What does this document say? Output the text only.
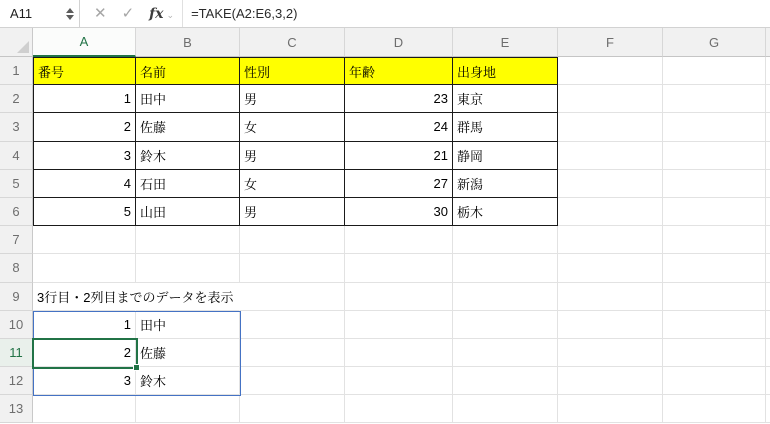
A11	✕ ✓ fx ⌄	=TAKE(A2:E6,3,2)
A	B	C	D	E	F	G
1	番号	名前	性別	年齢	出身地
2	1 田中	男	23 東京
3	2 佐藤	女	24 群馬
4	3 鈴木	男	21 静岡
5	4 石田	女	27 新潟
6	5 山田	男	30 栃木
7
8
9	3行目・2列目までのデータを表示
10	1 田中
11	2 佐藤
12	3 鈴木
13
